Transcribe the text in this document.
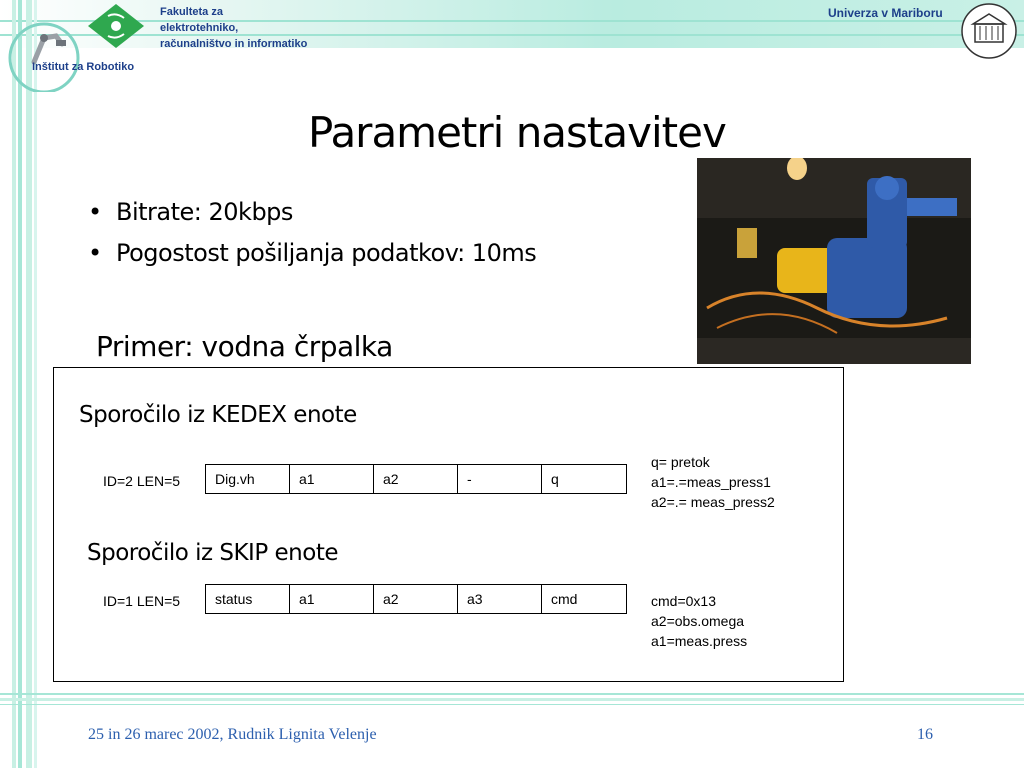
Inštitut za Robotiko
Fakulteta za
elektrotehniko,
računalništvo in informatiko
Univerza v Mariboru
Parametri nastavitev
• Bitrate: 20kbps
• Pogostost pošiljanja podatkov: 10ms
Primer: vodna črpalka
Sporočilo iz KEDEX enote
ID=2 LEN=5	Dig.vh	a1	a2	-	q
q= pretok
a1=.=meas_press1
a2=.= meas_press2
Sporočilo iz SKIP enote
ID=1 LEN=5	status	a1	a2	a3	cmd	cmd=0x13
a2=obs.omega
a1=meas.press
25 in 26 marec 2002, Rudnik Lignita Velenje	16
